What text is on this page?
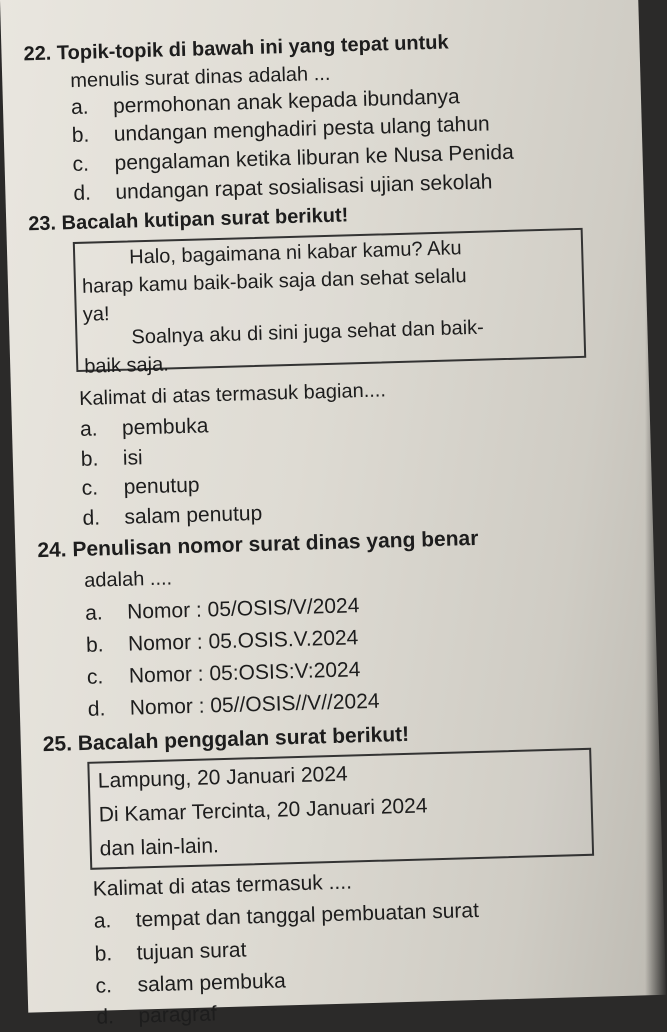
22. Topik-topik di bawah ini yang tepat untuk
menulis surat dinas adalah ...
a. permohonan anak kepada ibundanya
b. undangan menghadiri pesta ulang tahun
c. pengalaman ketika liburan ke Nusa Penida
d. undangan rapat sosialisasi ujian sekolah
23. Bacalah kutipan surat berikut!
Halo, bagaimana ni kabar kamu? Aku
harap kamu baik-baik saja dan sehat selalu
ya!
Soalnya aku di sini juga sehat dan baik-
baik saja.
Kalimat di atas termasuk bagian....
a. pembuka
b. isi
c. penutup
d. salam penutup
24. Penulisan nomor surat dinas yang benar
adalah ....
a. Nomor : 05/OSIS/V/2024
b. Nomor : 05.OSIS.V.2024
c. Nomor : 05:OSIS:V:2024
d. Nomor : 05//OSIS//V//2024
25. Bacalah penggalan surat berikut!
Lampung, 20 Januari 2024
Di Kamar Tercinta, 20 Januari 2024
dan lain-lain.
Kalimat di atas termasuk ....
a. tempat dan tanggal pembuatan surat
b. tujuan surat
c. salam pembuka
d. paragraf
